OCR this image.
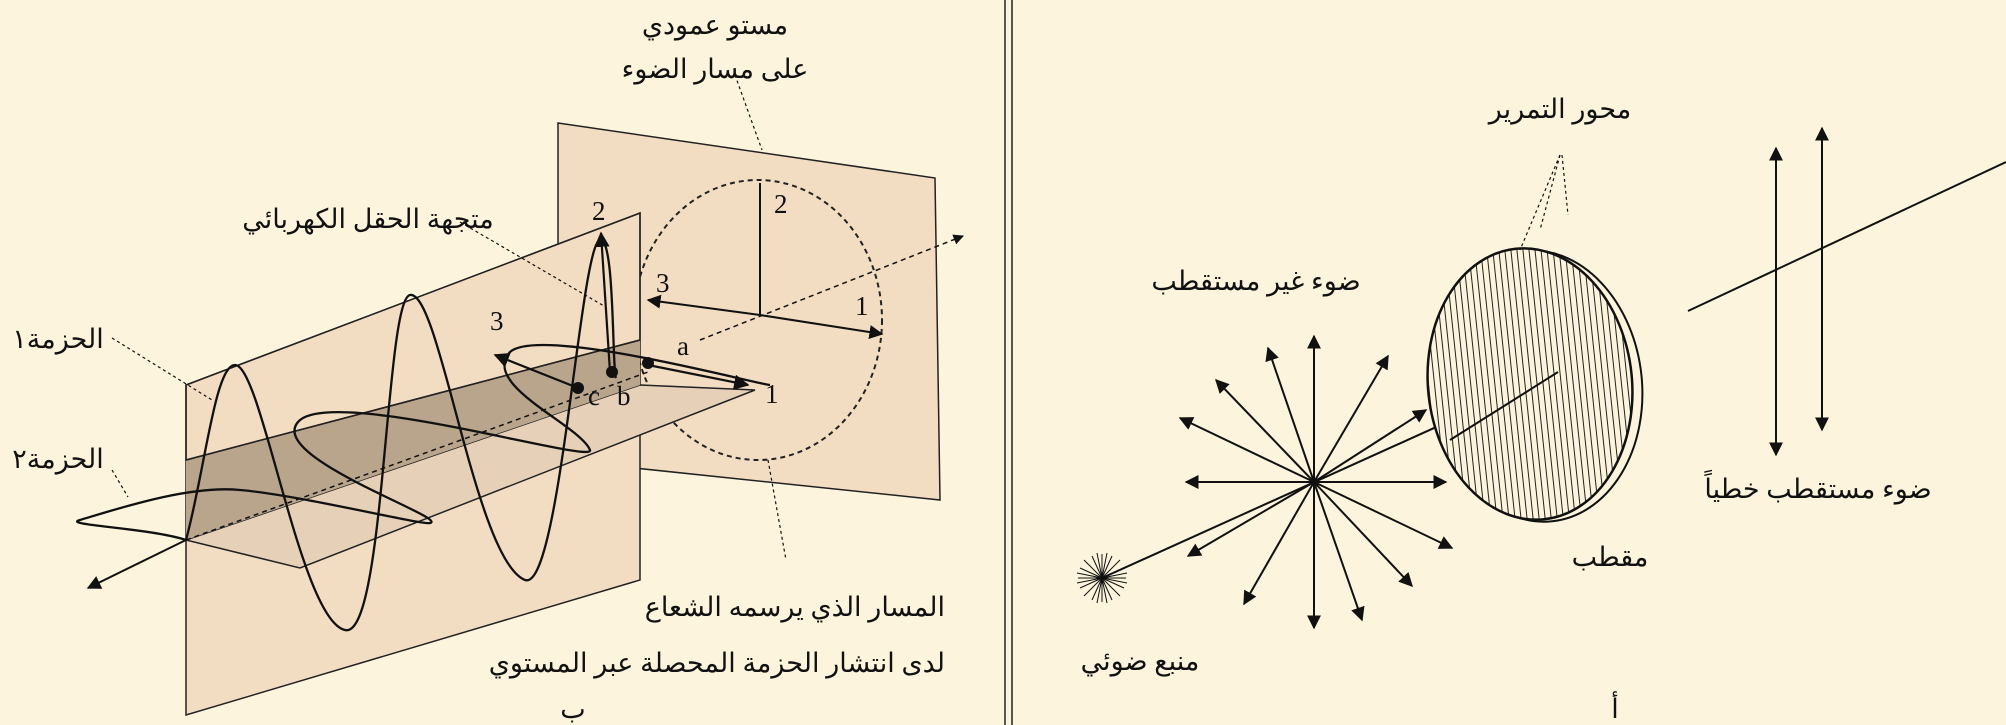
مستو عمودي
على مسار الضوء
متجهة الحقل الكهربائي
الحزمة١
الحزمة٢
المسار الذي يرسمه الشعاع
لدى انتشار الحزمة المحصلة عبر المستوي
ب
2
1
3
2
3
1
a
b
c
محور التمرير
ضوء غير مستقطب
مقطب
ضوء مستقطب خطياً
منبع ضوئي
أ
